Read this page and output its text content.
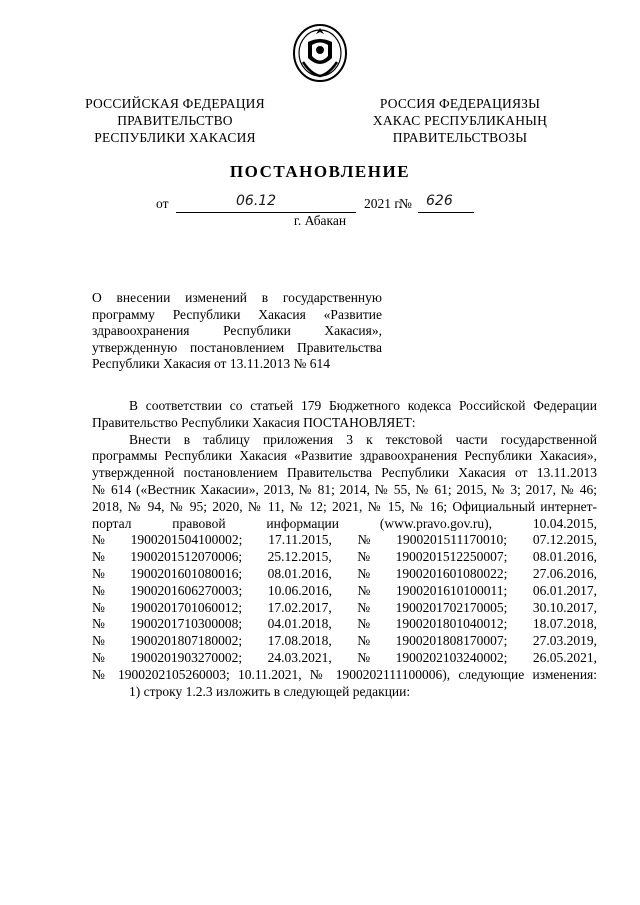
РОССИЙСКАЯ ФЕДЕРАЦИЯ
ПРАВИТЕЛЬСТВО
РЕСПУБЛИКИ ХАКАСИЯ
РОССИЯ ФЕДЕРАЦИЯЗЫ
ХАКАС РЕСПУБЛИКАНЫҢ
ПРАВИТЕЛЬСТВОЗЫ
ПОСТАНОВЛЕНИЕ
от	06.12	2021 г.
№ 626
г. Абакан
О внесении изменений в государственную
программу Республики Хакасия «Развитие
здравоохранения Республики Хакасия»,
утвержденную постановлением Правительства
Республики Хакасия от 13.11.2013 № 614
В соответствии со статьей 179 Бюджетного кодекса Российской Федерации
Правительство Республики Хакасия ПОСТАНОВЛЯЕТ:
Внести в таблицу приложения 3 к текстовой части государственной
программы Республики Хакасия «Развитие здравоохранения Республики Хакасия»,
утвержденной постановлением Правительства Республики Хакасия от 13.11.2013
№ 614 («Вестник Хакасии», 2013, № 81; 2014, № 55, № 61; 2015, № 3; 2017, № 46;
2018, № 94, № 95; 2020, № 11, № 12; 2021, № 15, № 16; Официальный интернет-
портал	правовой	информации	(www.pravo.gov.ru),	10.04.2015,
№ 1900201504100002; 17.11.2015, № 1900201511170010; 07.12.2015,
№ 1900201512070006; 25.12.2015, № 1900201512250007; 08.01.2016,
№ 1900201601080016; 08.01.2016, № 1900201601080022; 27.06.2016,
№ 1900201606270003; 10.06.2016, № 1900201610100011; 06.01.2017,
№ 1900201701060012; 17.02.2017, № 1900201702170005; 30.10.2017,
№ 1900201710300008; 04.01.2018, № 1900201801040012; 18.07.2018,
№ 1900201807180002; 17.08.2018, № 1900201808170007; 27.03.2019,
№ 1900201903270002; 24.03.2021, № 1900202103240002; 26.05.2021,
№ 1900202105260003; 10.11.2021, № 1900202111100006), следующие изменения:
1) строку 1.2.3 изложить в следующей редакции:
